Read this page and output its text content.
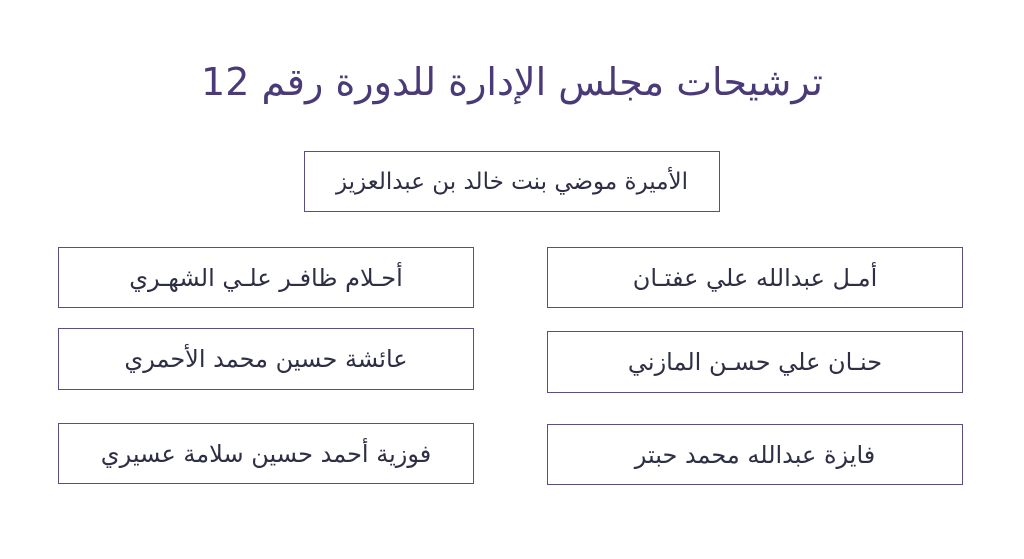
ترشيحات مجلس الإدارة للدورة رقم 12
الأميرة موضي بنت خالد بن عبدالعزيز
أمـل عبدالله علي عفتـان
حنـان علي حسـن المازني
فايزة عبدالله محمد حبتر
أحـلام ظافـر علـي الشهـري
عائشة حسين محمد الأحمري
فوزية أحمد حسين سلامة عسيري
